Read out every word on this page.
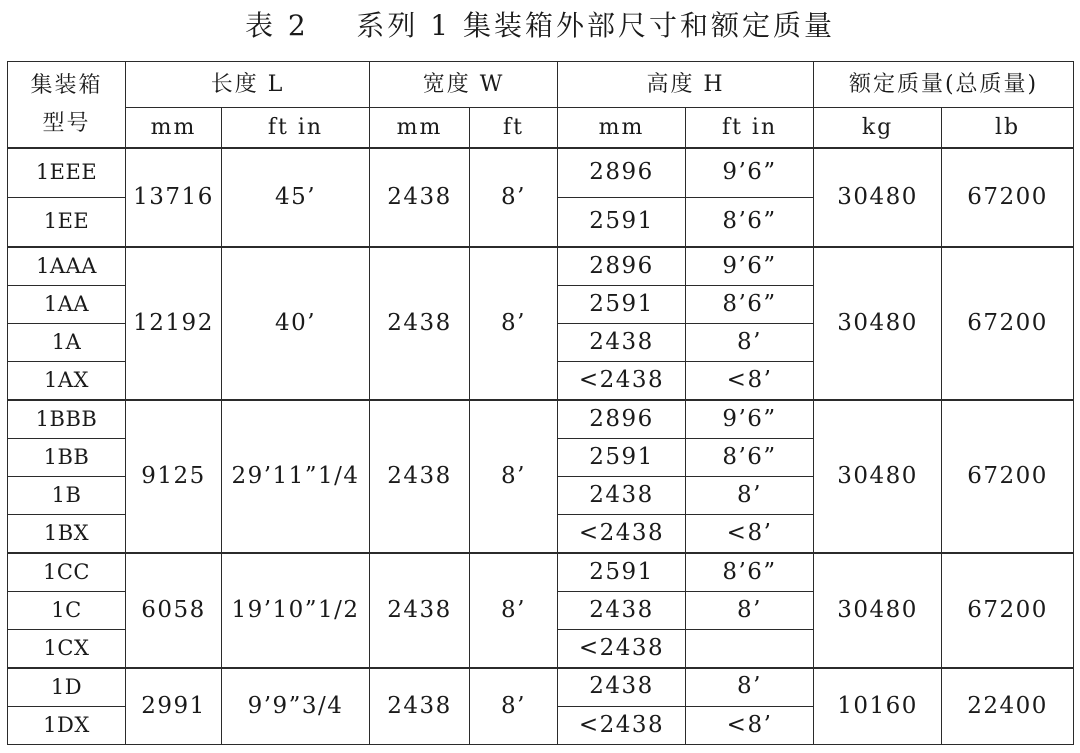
表 2    系列 1 集装箱外部尺寸和额定质量
集装箱
型号	长度 L		宽度 W		高度 H		额定质量(总质量)	
	mm	ft in	mm	ft	mm	ft in	kg	lb
1EEE	13716	45’	2438	8’	2896	9’6”	30480	67200
1EE					2591	8’6”		
1AAA	12192	40’	2438	8’	2896	9’6”	30480	67200
1AA					2591	8’6”		
1A					2438	8’		
1AX					<2438	<8’		
1BBB	9125	29’11”1/4	2438	8’	2896	9’6”	30480	67200
1BB					2591	8’6”		
1B					2438	8’		
1BX					<2438	<8’		
1CC	6058	19’10”1/2	2438	8’	2591	8’6”	30480	67200
1C					2438	8’		
1CX					<2438			
1D	2991	9’9”3/4	2438	8’	2438	8’	10160	22400
1DX					<2438	<8’		
